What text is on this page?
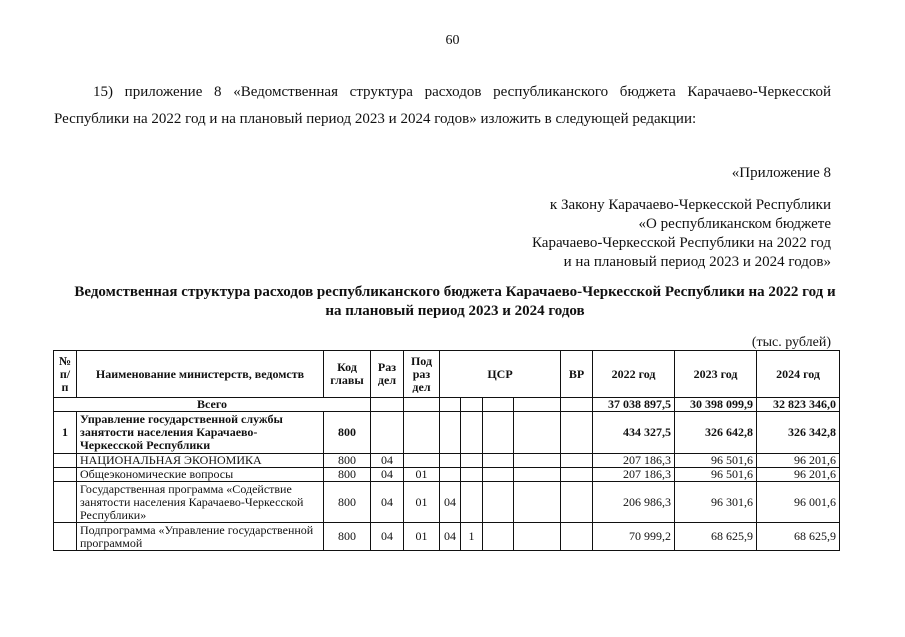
60
15) приложение 8 «Ведомственная структура расходов республиканского бюджета Карачаево-Черкесской
Республики на 2022 год и на плановый период 2023 и 2024 годов» изложить в следующей редакции:
«Приложение 8
к Закону Карачаево-Черкесской Республики
«О республиканском бюджете
Карачаево-Черкесской Республики на 2022 год
и на плановый период 2023 и 2024 годов»
Ведомственная структура расходов республиканского бюджета Карачаево-Черкесской Республики на 2022 год и
на плановый период 2023 и 2024 годов
(тыс. рублей)
№ п/п	Наименование министерств, ведомств	Код главы	Раз дел	Под раз дел	ЦСР				ВР	2022 год	2023 год	2024 год
Всего										37 038 897,5	30 398 099,9	32 823 346,0
1	Управление государственной службы занятости населения Карачаево-Черкесской Республики	800								434 327,5	326 642,8	326 342,8
	НАЦИОНАЛЬНАЯ ЭКОНОМИКА	800	04							207 186,3	96 501,6	96 201,6
	Общеэкономические вопросы	800	04	01						207 186,3	96 501,6	96 201,6
	Государственная программа «Содействие занятости населения Карачаево-Черкесской Республики»	800	04	01	04					206 986,3	96 301,6	96 001,6
	Подпрограмма «Управление государственной программой	800	04	01	04	1				70 999,2	68 625,9	68 625,9
